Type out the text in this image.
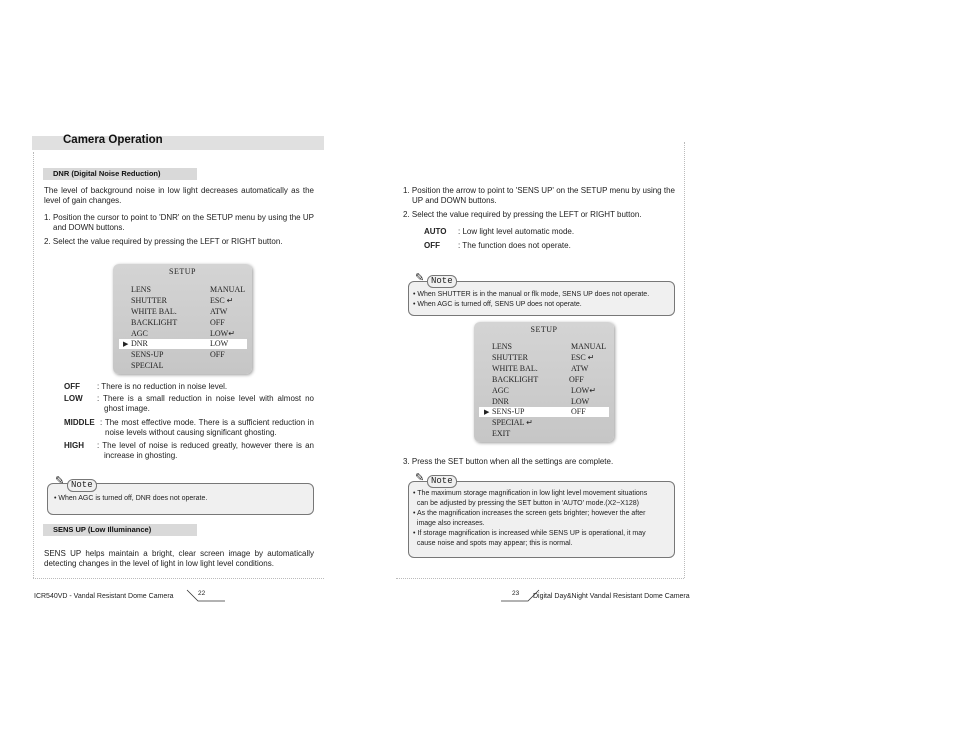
Camera Operation
DNR (Digital Noise Reduction)
The level of background noise in low light decreases automatically as the level of gain changes.
1. Position the cursor to point to 'DNR' on the SETUP menu by using the UP and DOWN buttons.
2. Select the value required by pressing the LEFT or RIGHT button.
SETUP
▶
LENS	MANUAL
SHUTTER	ESC ↵
WHITE BAL.	ATW
BACKLIGHT	OFF
AGC	LOW↵
DNR	LOW
SENS-UP	OFF
SPECIAL
OFF : There is no reduction in noise level.
LOW : There is a small reduction in noise level with almost no ghost image.
MIDDLE : The most effective mode. There is a sufficient reduction in noise levels without causing significant ghosting.
HIGH : The level of noise is reduced greatly, however there is an increase in ghosting.
✎ Note
• When AGC is turned off, DNR does not operate.
SENS UP (Low Illuminance)
SENS UP helps maintain a bright, clear screen image by automatically detecting changes in the level of light in low light level conditions.
ICR540VD - Vandal Resistant Dome Camera	22
1. Position the arrow to point to 'SENS UP' on the SETUP menu by using the UP and DOWN buttons.
2. Select the value required by pressing the LEFT or RIGHT button.
AUTO : Low light level automatic mode.
OFF : The function does not operate.
✎ Note
• When SHUTTER is in the manual or flk mode, SENS UP does not operate.
• When AGC is turned off, SENS UP does not operate.
SETUP
▶
LENS	MANUAL
SHUTTER	ESC ↵
WHITE BAL.	ATW
BACKLIGHT	OFF
AGC	LOW↵
DNR	LOW
SENS-UP	OFF
SPECIAL ↵
EXIT
3. Press the SET button when all the settings are complete.
✎ Note
• The maximum storage magnification in low light level movement situations
can be adjusted by pressing the SET button in 'AUTO' mode.(X2~X128)
• As the magnification increases the screen gets brighter; however the after
image also increases.
• If storage magnification is increased while SENS UP is operational, it may
cause noise and spots may appear; this is normal.
23 Digital Day&Night Vandal Resistant Dome Camera
